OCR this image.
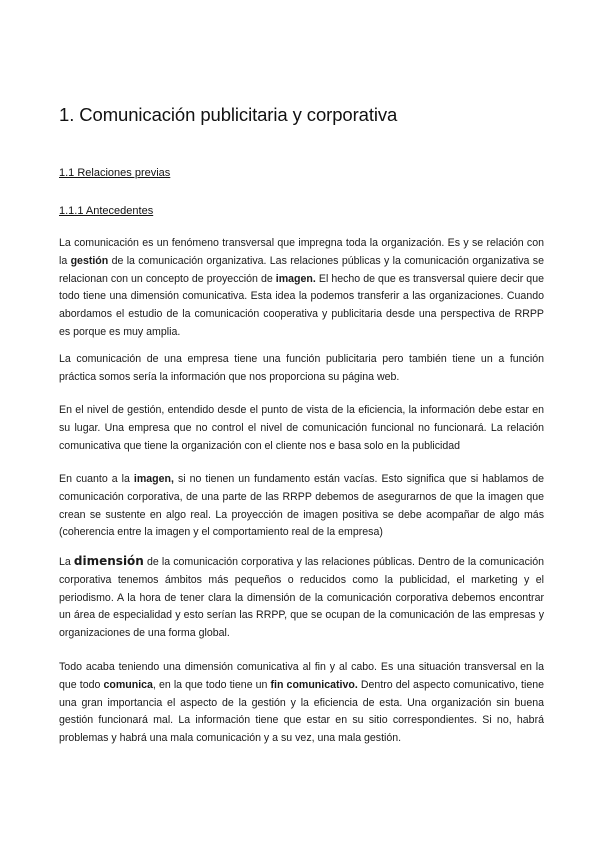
1. Comunicación publicitaria y corporativa
1.1 Relaciones previas
1.1.1 Antecedentes

La comunicación es un fenómeno transversal que impregna toda la organización. Es y se relación con la gestión de la comunicación organizativa. Las relaciones públicas y la comunicación organizativa se relacionan con un concepto de proyección de imagen. El hecho de que es transversal quiere decir que todo tiene una dimensión comunicativa. Esta idea la podemos transferir a las organizaciones. Cuando abordamos el estudio de la comunicación cooperativa y publicitaria desde una perspectiva de RRPP es porque es muy amplia.

La comunicación de una empresa tiene una función publicitaria pero también tiene un a función práctica somos sería la información que nos proporciona su página web.

En el nivel de gestión, entendido desde el punto de vista de la eficiencia, la información debe estar en su lugar. Una empresa que no control el nivel de comunicación funcional no funcionará. La relación comunicativa que tiene la organización con el cliente nos e basa solo en la publicidad

En cuanto a la imagen, si no tienen un fundamento están vacías. Esto significa que si hablamos de comunicación corporativa, de una parte de las RRPP debemos de asegurarnos de que la imagen que crean se sustente en algo real. La proyección de imagen positiva se debe acompañar de algo más (coherencia entre la imagen y el comportamiento real de la empresa)

La dimensión de la comunicación corporativa y las relaciones públicas. Dentro de la comunicación corporativa tenemos ámbitos más pequeños o reducidos como la publicidad, el marketing y el periodismo. A la hora de tener clara la dimensión de la comunicación corporativa debemos encontrar un área de especialidad y esto serían las RRPP, que se ocupan de la comunicación de las empresas y organizaciones de una forma global.

Todo acaba teniendo una dimensión comunicativa al fin y al cabo. Es una situación transversal en la que todo comunica, en la que todo tiene un fin comunicativo. Dentro del aspecto comunicativo, tiene una gran importancia el aspecto de la gestión y la eficiencia de esta. Una organización sin buena gestión funcionará mal. La información tiene que estar en su sitio correspondientes. Si no, habrá problemas y habrá una mala comunicación y a su vez, una mala gestión.
